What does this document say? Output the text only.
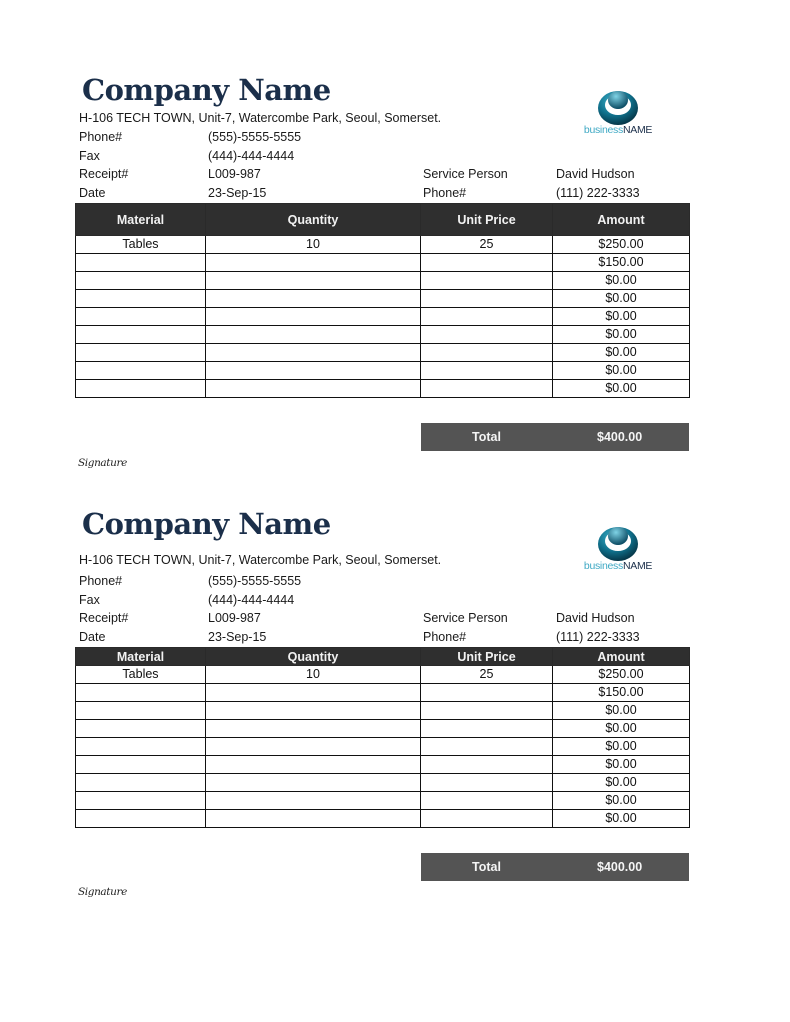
Company Name
businessNAME
H-106 TECH TOWN, Unit-7, Watercombe Park, Seoul, Somerset.
Phone#	(555)-5555-5555
Fax	(444)-444-4444
Receipt#	L009-987	Service Person	David Hudson
Date	23-Sep-15	Phone#	(111) 222-3333
Material	Quantity	Unit Price	Amount
Tables	10	25	$250.00
			$150.00
			$0.00
			$0.00
			$0.00
			$0.00
			$0.00
			$0.00
			$0.00
Total	$400.00
Signature
Company Name
businessNAME
H-106 TECH TOWN, Unit-7, Watercombe Park, Seoul, Somerset.
Phone#	(555)-5555-5555
Fax	(444)-444-4444
Receipt#	L009-987	Service Person	David Hudson
Date	23-Sep-15	Phone#	(111) 222-3333
Material	Quantity	Unit Price	Amount
Tables	10	25	$250.00
			$150.00
			$0.00
			$0.00
			$0.00
			$0.00
			$0.00
			$0.00
			$0.00
Total	$400.00
Signature
